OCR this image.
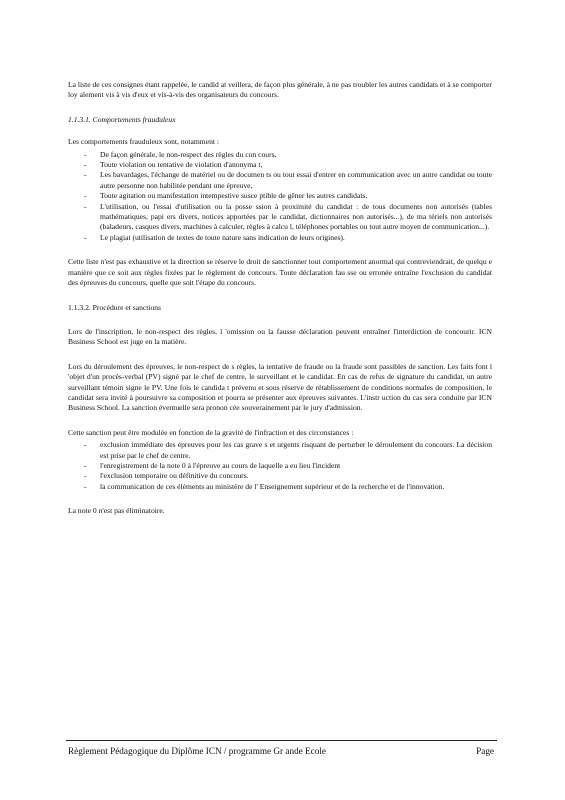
La liste de ces consignes étant rappelée, le candid at veillera, de façon plus générale, à ne pas troubler les autres candidats et à se comporter loy alement vis à vis d'eux et vis-à-vis des organisateurs du concours.

1.1.3.1. Comportements frauduleux

Les comportements frauduleux sont, notamment :

- De façon générale, le non-respect des règles du con cours,
- Toute violation ou tentative de violation d'anonyma t,
- Les bavardages, l'échange de matériel ou de documen ts ou tout essai d'entrer en communication avec un autre candidat ou toute autre personne non habilitée pendant une épreuve,
- Toute agitation ou manifestation intempestive susce ptible de gêner les autres candidats,
- L'utilisation, ou l'essai d'utilisation ou la posse ssion à proximité du candidat : de tous documents non autorisés (tables mathématiques, papi ers divers, notices apportées par le candidat, dictionnaires non autorisés...), de ma tériels non autorisés (baladeurs, casques divers, machines à calculer, règles à calcu l, téléphones portables ou tout autre moyen de communication...).
- Le plagiat (utilisation de textes de toute nature sans indication de leurs origines).

Cette liste n'est pas exhaustive et la direction se réserve le droit de sanctionner tout comportement anormal qui contreviendrait, de quelqu e manière que ce soit aux règles fixées par le règlement de concours. Toute déclaration fau sse ou erronée entraîne l'exclusion du candidat des épreuves du concours, quelle que soit l'étape du concours.

1.1.3.2. Procédure et sanctions

Lors de l'inscription, le non-respect des règles, l 'omission ou la fausse déclaration peuvent entraîner l'interdiction de concourir. ICN Business School est juge en la matière.

Lors du déroulement des épreuves, le non-respect de s règles, la tentative de fraude ou la fraude sont passibles de sanction. Les faits font l 'objet d'un procès-verbal (PV) signé par le chef de centre, le surveillant et le candidat. En cas de refus de signature du candidat, un autre surveillant témoin signe le PV. Une fois le candida t prévenu et sous réserve de rétablissement de conditions normales de composition, le candidat sera invité à poursuivre sa composition et pourra se présenter aux épreuves suivantes. L'instr uction du cas sera conduite par ICN Business School. La sanction éventuelle sera pronon cée souverainement par le jury d'admission.

Cette sanction peut être modulée en fonction de la gravité de l'infraction et des circonstances :

- exclusion immédiate des épreuves pour les cas grave s et urgents risquant de perturber le déroulement du concours. La décision est prise par le chef de centre.
- l'enregistrement de la note 0 à l'épreuve au cours de laquelle a eu lieu l'incident
- l'exclusion temporaire ou définitive du concours.
- la communication de ces éléments au ministère de l' Enseignement supérieur et de la recherche et de l'innovation.

La note 0 n'est pas éliminatoire.

Règlement Pédagogique du Diplôme ICN / programme Gr ande Ecole	Page
